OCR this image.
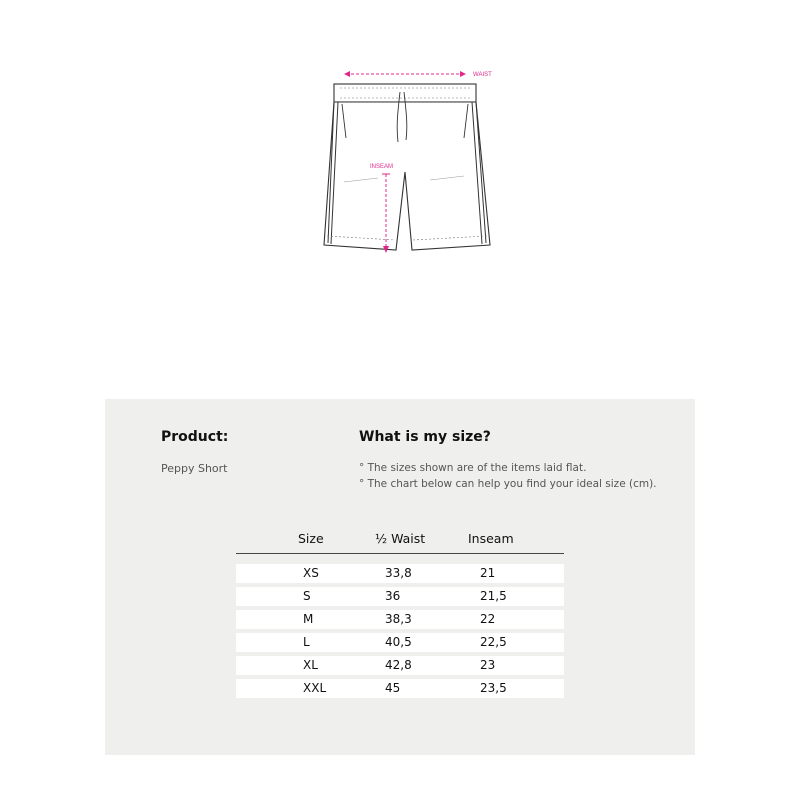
WAIST
INSEAM
Product:	What is my size?
Peppy Short	° The sizes shown are of the items laid flat.
° The chart below can help you find your ideal size (cm).
Size	½ Waist	Inseam
XS	33,8	21
S	36	21,5
M	38,3	22
L	40,5	22,5
XL	42,8	23
XXL	45	23,5
